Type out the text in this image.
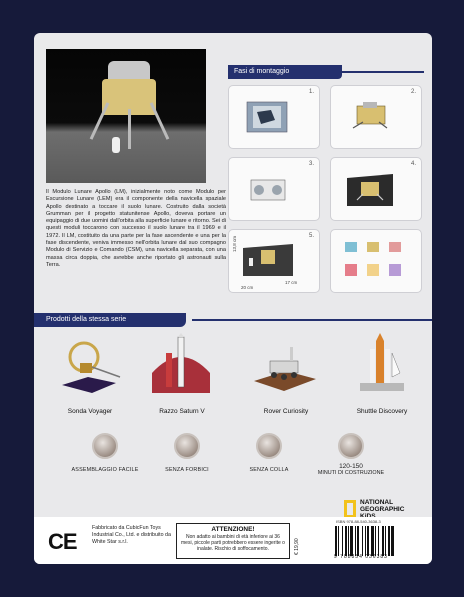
Il Modulo Lunare Apollo (LM), inizialmente noto come Modulo per Escursione Lunare (LEM) era il componente della navicella spaziale Apollo destinato a toccare il suolo lunare. Costruito dalla società Grumman per il progetto statunitense Apollo, doveva portare un equipaggio di due uomini dall'orbita alla superficie lunare e ritorno. Sei di questi moduli toccarono con successo il suolo lunare tra il 1969 e il 1972. Il LM, costituito da una parte per la fase ascendente e una per la fase discendente, veniva immesso nell'orbita lunare dal suo compagno Modulo di Servizio e Comando (CSM), una navicella separata, con una massa circa doppia, che avrebbe anche riportato gli astronauti sulla Terra.

Fasi di montaggio
1.	2.
3.	4.
5.
13,8 cm
20 cm
17 cm
Prodotti della stessa serie
Sonda Voyager	Razzo Saturn V	Rover Curiosity	Shuttle Discovery
ASSEMBLAGGIO FACILE	SENZA FORBICI	SENZA COLLA	120-150
MINUTI DI COSTRUZIONE
NATIONAL
GEOGRAPHIC
CE

Fabbricato da CubicFun Toys Industrial Co., Ltd. e distribuito da White Star s.r.l.

ATTENZIONE!
Non adatto ai bambini di età inferiore ai 36 mesi, piccole parti potrebbero essere ingerite o inalate. Rischio di soffocamento.	€ 19,90
ISBN 978-88-540-3638-3
9 788854 036383
